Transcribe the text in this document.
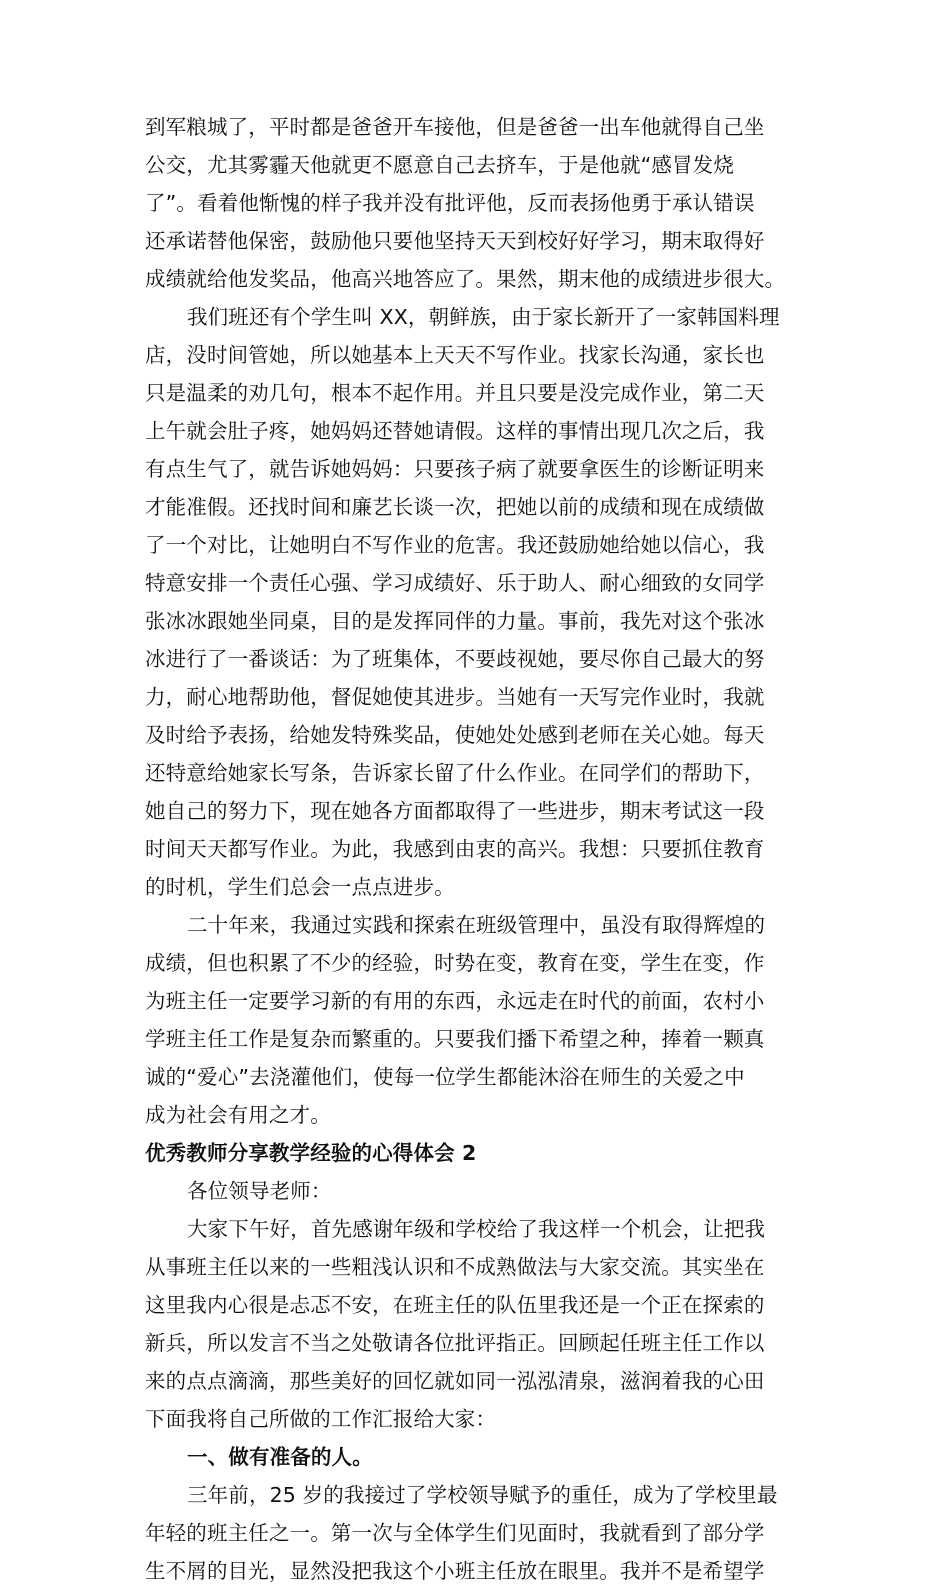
到军粮城了，平时都是爸爸开车接他，但是爸爸一出车他就得自己坐
公交，尤其雾霾天他就更不愿意自己去挤车，于是他就“感冒发烧
了”。看着他惭愧的样子我并没有批评他，反而表扬他勇于承认错误
还承诺替他保密，鼓励他只要他坚持天天到校好好学习，期末取得好
成绩就给他发奖品，他高兴地答应了。果然，期末他的成绩进步很大。
我们班还有个学生叫 XX，朝鲜族，由于家长新开了一家韩国料理
店，没时间管她，所以她基本上天天不写作业。找家长沟通，家长也
只是温柔的劝几句，根本不起作用。并且只要是没完成作业，第二天
上午就会肚子疼，她妈妈还替她请假。这样的事情出现几次之后，我
有点生气了，就告诉她妈妈：只要孩子病了就要拿医生的诊断证明来
才能准假。还找时间和廉艺长谈一次，把她以前的成绩和现在成绩做
了一个对比，让她明白不写作业的危害。我还鼓励她给她以信心，我
特意安排一个责任心强、学习成绩好、乐于助人、耐心细致的女同学
张冰冰跟她坐同桌，目的是发挥同伴的力量。事前，我先对这个张冰
冰进行了一番谈话：为了班集体，不要歧视她，要尽你自己最大的努
力，耐心地帮助他，督促她使其进步。当她有一天写完作业时，我就
及时给予表扬，给她发特殊奖品，使她处处感到老师在关心她。每天
还特意给她家长写条，告诉家长留了什么作业。在同学们的帮助下，
她自己的努力下，现在她各方面都取得了一些进步，期末考试这一段
时间天天都写作业。为此，我感到由衷的高兴。我想：只要抓住教育
的时机，学生们总会一点点进步。
二十年来，我通过实践和探索在班级管理中，虽没有取得辉煌的
成绩，但也积累了不少的经验，时势在变，教育在变，学生在变，作
为班主任一定要学习新的有用的东西，永远走在时代的前面，农村小
学班主任工作是复杂而繁重的。只要我们播下希望之种，捧着一颗真
诚的“爱心”去浇灌他们，使每一位学生都能沐浴在师生的关爱之中
成为社会有用之才。
优秀教师分享教学经验的心得体会 2
各位领导老师：
大家下午好，首先感谢年级和学校给了我这样一个机会，让把我
从事班主任以来的一些粗浅认识和不成熟做法与大家交流。其实坐在
这里我内心很是忐忑不安，在班主任的队伍里我还是一个正在探索的
新兵，所以发言不当之处敬请各位批评指正。回顾起任班主任工作以
来的点点滴滴，那些美好的回忆就如同一泓泓清泉，滋润着我的心田
下面我将自己所做的工作汇报给大家：
一、做有准备的人。
三年前，25 岁的我接过了学校领导赋予的重任，成为了学校里最
年轻的班主任之一。第一次与全体学生们见面时，我就看到了部分学
生不屑的目光，显然没把我这个小班主任放在眼里。我并不是希望学
